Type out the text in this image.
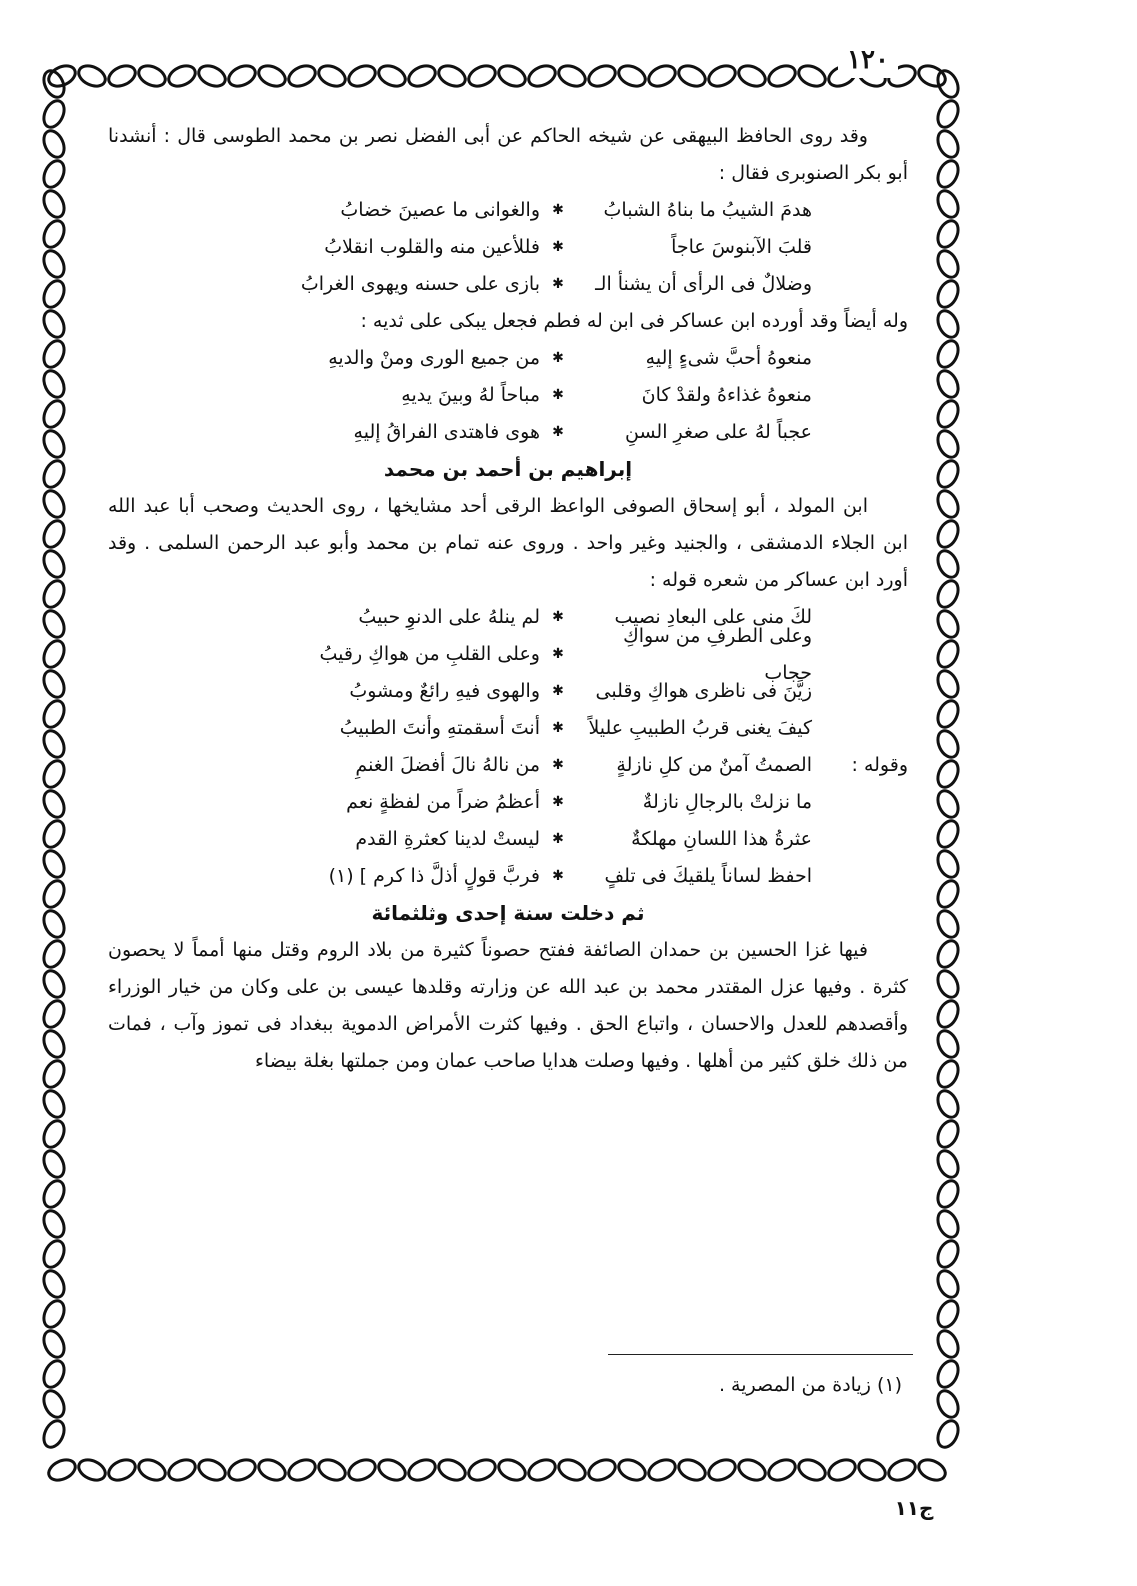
١٢٠

وقد روى الحافظ البيهقى عن شيخه الحاكم عن أبى الفضل نصر بن محمد الطوسى قال : أنشدنا أبو بكر الصنوبرى فقال :

هدمَ الشيبُ ما بناهُ الشبابُ
✱
والغوانى ما عصينَ خضابُ
قلبَ الآبنوسَ عاجاً
✱
فللأعين منه والقلوب انقلابُ
وضلالٌ فى الرأى أن يشنأ الـ
✱
بازى على حسنه ويهوى الغرابُ

وله أيضاً وقد أورده ابن عساكر فى ابن له فطم فجعل يبكى على ثديه :

منعوهُ أحبَّ شىءٍ إليهِ
✱
من جميع الورى ومنْ والديهِ
منعوهُ غذاءهُ ولقدْ كانَ
✱
مباحاً لهُ وبينَ يديهِ
عجباً لهُ على صغرِ السنِ
✱
هوى فاهتدى الفراقُ إليهِ
إبراهيم بن أحمد بن محمد

ابن المولد ، أبو إسحاق الصوفى الواعظ الرقى أحد مشايخها ، روى الحديث وصحب أبا عبد الله ابن الجلاء الدمشقى ، والجنيد وغير واحد . وروى عنه تمام بن محمد وأبو عبد الرحمن السلمى . وقد أورد ابن عساكر من شعره قوله :

لكَ منى على البعادِ نصيب
✱
لم ينلهُ على الدنوِ حبيبُ
وعلى الطرفِ من سواكِ حجاب
✱
وعلى القلبِ من هواكِ رقيبُ
زيَّنَ فى ناظرى هواكِ وقلبى
✱
والهوى فيهِ رائعٌ ومشوبُ
كيفَ يغنى قربُ الطبيبِ عليلاً
✱
أنتَ أسقمتهِ وأنتَ الطبيبُ
وقوله :
الصمتُ آمنٌ من كلِ نازلةٍ
✱
من نالهُ نالَ أفضلَ الغنمِ
ما نزلتْ بالرجالِ نازلةٌ
✱
أعظمُ ضراً من لفظةٍ نعم
عثرةُ هذا اللسانِ مهلكةٌ
✱
ليستْ لدينا كعثرةِ القدم
احفظ لساناً يلقيكَ فى تلفٍ
✱
فربَّ قولٍ أذلَّ ذا كرم ] (١)
ثم دخلت سنة إحدى وثلثمائة

فيها غزا الحسين بن حمدان الصائفة ففتح حصوناً كثيرة من بلاد الروم وقتل منها أمماً لا يحصون كثرة . وفيها عزل المقتدر محمد بن عبد الله عن وزارته وقلدها عيسى بن على وكان من خيار الوزراء وأقصدهم للعدل والاحسان ، واتباع الحق . وفيها كثرت الأمراض الدموية ببغداد فى تموز وآب ، فمات من ذلك خلق كثير من أهلها . وفيها وصلت هدايا صاحب عمان ومن جملتها بغلة بيضاء

(١) زيادة من المصرية .
ج١١
